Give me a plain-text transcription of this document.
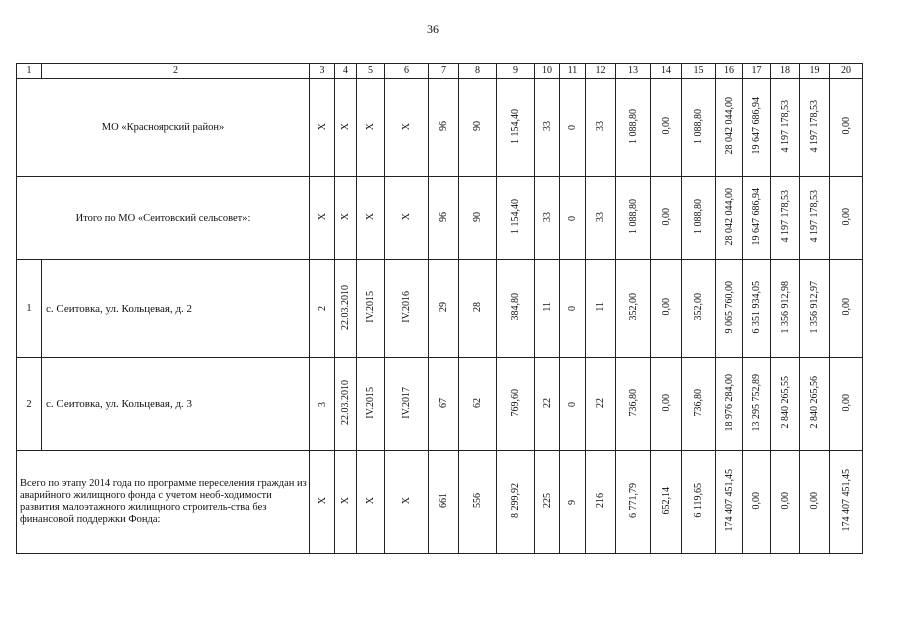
36
1	2	3	4	5	6	7	8	9	10	11	12	13	14	15	16	17	18	19	20
МО «Красноярский район»		Х	Х	Х	Х	96	90	1 154,40	33	0	33	1 088,80	0,00	1 088,80	28 042 044,00	19 647 686,94	4 197 178,53	4 197 178,53	0,00
Итого по МО «Сеитовский сельсовет»:		Х	Х	Х	Х	96	90	1 154,40	33	0	33	1 088,80	0,00	1 088,80	28 042 044,00	19 647 686,94	4 197 178,53	4 197 178,53	0,00
1	с. Сеитовка, ул. Кольцевая, д. 2	2	22.03.2010	IV.2015	IV.2016	29	28	384,80	11	0	11	352,00	0,00	352,00	9 065 760,00	6 351 934,05	1 356 912,98	1 356 912,97	0,00
2	с. Сеитовка, ул. Кольцевая, д. 3	3	22.03.2010	IV.2015	IV.2017	67	62	769,60	22	0	22	736,80	0,00	736,80	18 976 284,00	13 295 752,89	2 840 265,55	2 840 265,56	0,00
Всего по этапу 2014 года по программе переселения граждан из аварийного жилищного фонда с учетом необ-ходимости развития малоэтажного жилищного строитель-ства без финансовой поддержки Фонда:		Х	Х	Х	Х	661	556	8 299,92	225	9	216	6 771,79	652,14	6 119,65	174 407 451,45	0,00	0,00	0,00	174 407 451,45
